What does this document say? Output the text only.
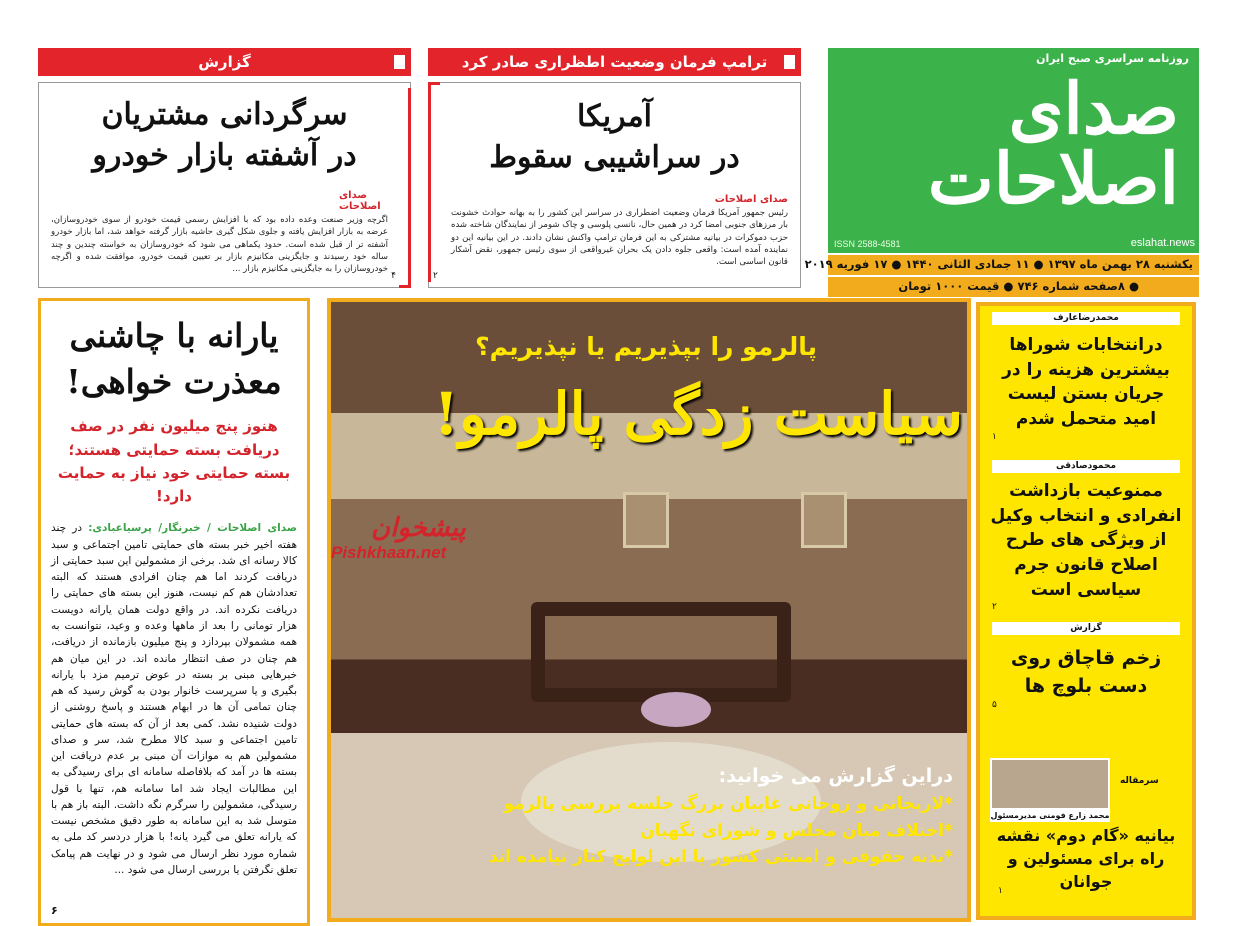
روزنامه سراسری صبح ایران
صدای اصلاحات
ISSN 2588-4581	eslahat.news
یکشنبه ۲۸ بهمن ماه ۱۳۹۷ ● ۱۱ جمادی الثانی ۱۴۴۰ ● ۱۷ فوریه ۲۰۱۹
● ۸صفحه شماره ۷۴۶ ● قیمت ۱۰۰۰ تومان
ترامپ فرمان وضعیت اطظراری صادر کرد
آمریکا
در سراشیبی سقوط
صدای اصلاحات
رئیس جمهور آمریکا فرمان وضعیت اضطراری در سراسر این کشور را به بهانه حوادث خشونت بار مرزهای جنوبی امضا کرد در همین حال، نانسی پلوسی و چاک شومر از نمایندگان شاخته شده حزب دموکرات در بیانیه مشترکی به این فرمان ترامپ واکنش نشان دادند. در این بیانیه این دو نماینده آمده است: واقعی جلوه دادن یک بحران غیرواقعی از سوی رئیس جمهور، نقض آشکار قانون اساسی است.
۲
گزارش
سرگردانی مشتریان
در آشفته بازار خودرو
صدای اصلاحات
اگرچه وزیر صنعت وعده داده بود که با افزایش رسمی قیمت خودرو از سوی خودروسازان، عرضه به بازار افزایش یافته و جلوی شکل گیری حاشیه بازار گرفته خواهد شد، اما بازار خودرو آشفته تر از قبل شده است. حدود یکماهی می شود که خودروسازان به خواسته چندین و چند ساله خود رسیدند و جایگزینی مکانیزم بازار بر تعیین قیمت خودرو، موافقت شده و اگرچه خودروسازان را به جایگزینی مکانیزم بازار ...
۴
یارانه با چاشنی
معذرت خواهی!
هنوز پنج میلیون نفر در صف دریافت بسته حمایتی هستند؛بسته حمایتی خود نیاز به حمایت دارد!
صدای اصلاحات / خبرنگار/ پرسیاعبادی: در چند هفته اخیر خبر بسته های حمایتی تامین اجتماعی و سبد کالا رسانه ای شد. برخی از مشمولین این سبد حمایتی از دریافت کردند اما هم چنان افرادی هستند که البته تعدادشان هم کم نیست، هنوز این بسته های حمایتی را دریافت نکرده اند. در واقع دولت همان یارانه دویست هزار تومانی را بعد از ماهها وعده و وعید، نتوانست به همه مشمولان بپردازد و پنج میلیون بازمانده از دریافت، هم چنان در صف انتظار مانده اند. در این میان هم خبرهایی مبنی بر بسته در عوض ترمیم مزد با یارانه بگیری و یا سرپرست خانوار بودن به گوش رسید که هم چنان تمامی آن ها در ابهام هستند و پاسخ روشنی از دولت شنیده نشد. کمی بعد از آن که بسته های حمایتی تامین اجتماعی و سبد کالا مطرح شد، سر و صدای مشمولین هم به موازات آن مبنی بر عدم دریافت این بسته ها در آمد که بلافاصله سامانه ای برای رسیدگی به این مطالبات ایجاد شد اما سامانه هم، تنها با قول رسیدگی، مشمولین را سرگرم نگه داشت. البته باز هم با متوسل شد به این سامانه به طور دقیق مشخص نیست که یارانه تعلق می گیرد یانه! با هزار دردسر کد ملی به شماره مورد نظر ارسال می شود و در نهایت هم پیامک تعلق نگرفتن یا بررسی ارسال می شود ...
۶
پالرمو را بپذیریم یا نپذیریم؟
سیاست زدگی پالرمو!
پیشخوان
Pishkhaan.net
دراین گزارش می خوانید:
*لاریجانی و روحانی غایبان بزرگ جلسه بررسی پالرمو
*اختلاف میان مجلس و شورای نگهبان
*بدنه حقوقی و امنیتی کشور با این لوایح کنار نیامده اند
محمدرضاعارف
درانتخابات شوراها بیشترین هزینه را در جریان بستن لیست امید متحمل شدم
۱
محمودصادقی
ممنوعیت بازداشت انفرادی و انتخاب وکیل از ویژگی های طرح اصلاح قانون جرم سیاسی است
۲
گزارش
زخم قاچاق روی دست بلوچ ها
۵
محمد زارع فومنی مدیرمسئول
سرمقاله
بیانیه «گام دوم» نقشه راه برای مسئولین و جوانان
۱
